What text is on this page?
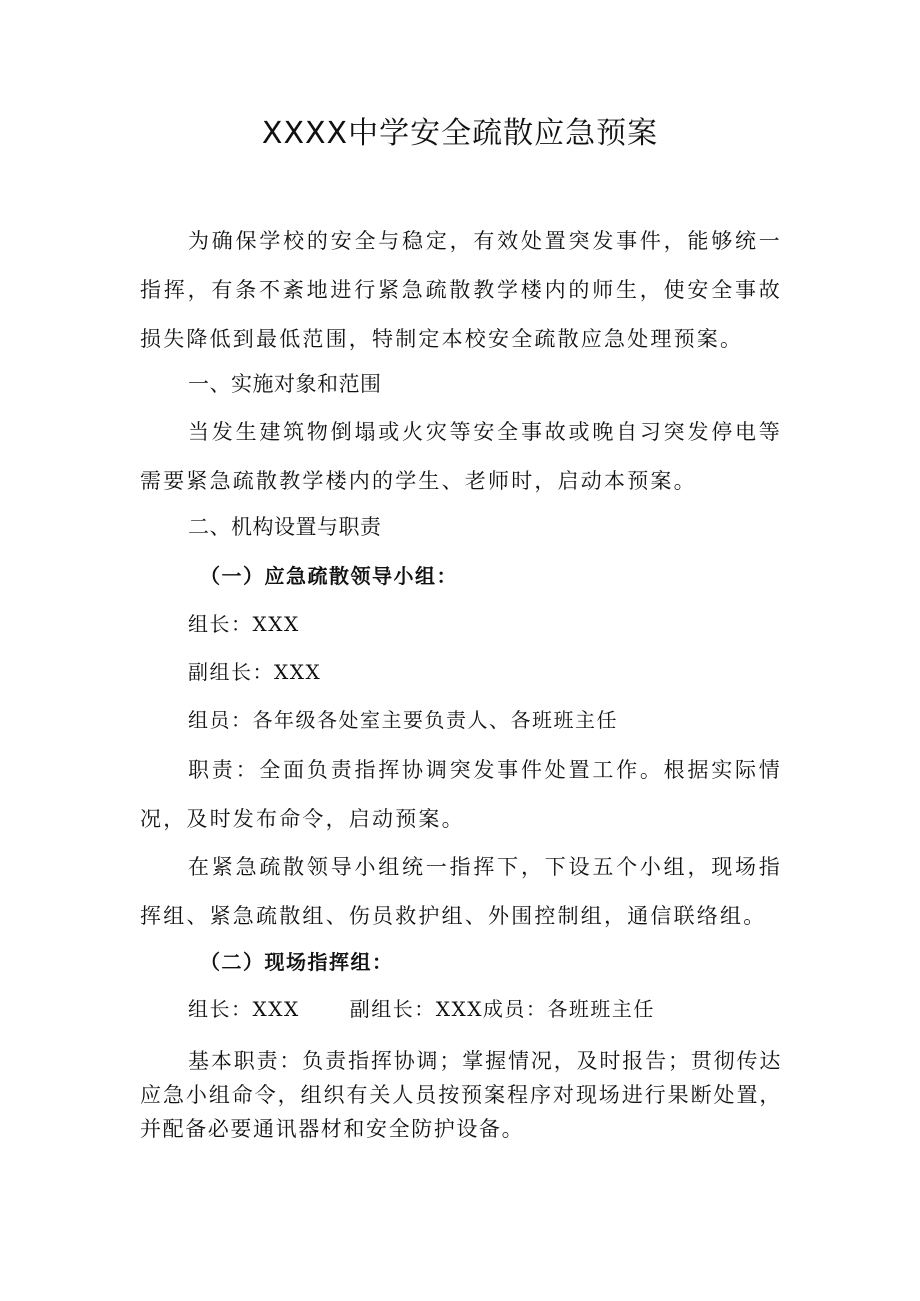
XXXX中学安全疏散应急预案

为确保学校的安全与稳定，有效处置突发事件，能够统一指挥，有条不紊地进行紧急疏散教学楼内的师生，使安全事故损失降低到最低范围，特制定本校安全疏散应急处理预案。

一、实施对象和范围

当发生建筑物倒塌或火灾等安全事故或晚自习突发停电等需要紧急疏散教学楼内的学生、老师时，启动本预案。

二、机构设置与职责
（一）应急疏散领导小组：
组长：XXX
副组长：XXX
组员：各年级各处室主要负责人、各班班主任

职责：全面负责指挥协调突发事件处置工作。根据实际情况，及时发布命令，启动预案。

在紧急疏散领导小组统一指挥下，下设五个小组，现场指挥组、紧急疏散组、伤员救护组、外围控制组，通信联络组。

（二）现场指挥组：
组长：XXX	副组长：XXX成员：各班班主任

基本职责：负责指挥协调；掌握情况，及时报告；贯彻传达应急小组命令，组织有关人员按预案程序对现场进行果断处置，并配备必要通讯器材和安全防护设备。
